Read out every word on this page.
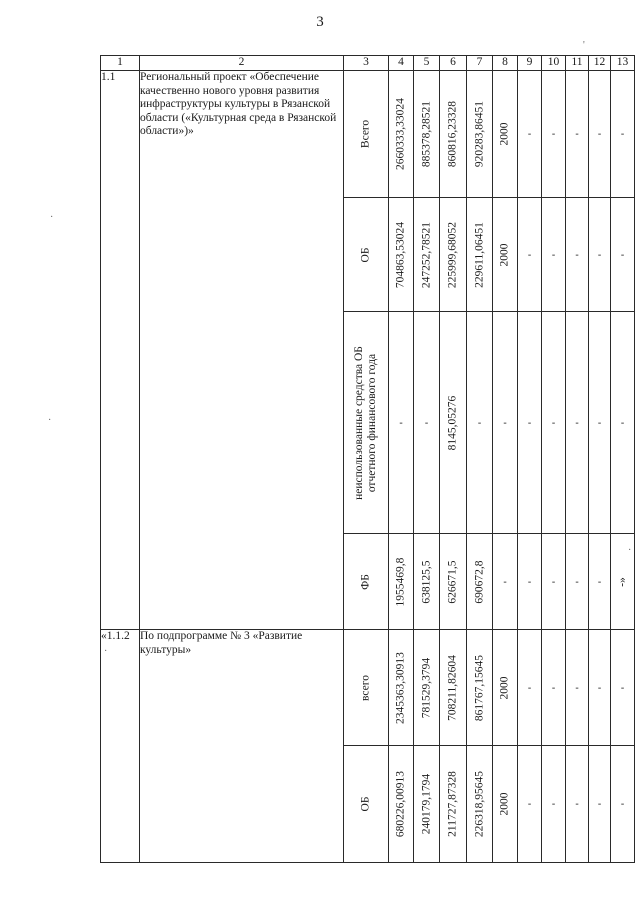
3
1	2	3	4	5	6	7	8	9	10	11	12	13
1.1	Региональный проект «Обеспечение качественно нового уровня развития инфраструктуры культуры в Рязанской области («Культурная среда в Рязанской области»)»	Всего	2660333,33024	885378,28521	860816,23328	920283,86451	2000	-	-	-	-	-

		ОБ	704863,53024	247252,78521	225999,68052	229611,06451	2000	-	-	-	-	-

		неиспользованные средства ОБ отчетного финансового года	-	-	8145,05276	-	-	-	-	-	-	-

		ФБ	1955469,8	638125,5	626671,5	690672,8	-	-	-	-	-	-»

«1.1.2	По подпрограмме № 3 «Развитие культуры»	всего	2345363,30913	781529,3794	708211,82604	861767,15645	2000	-	-	-	-	-

		ОБ	680226,00913	240179,1794	211727,87328	226318,95645	2000	-	-	-	-	-
'
·
·
·
·
